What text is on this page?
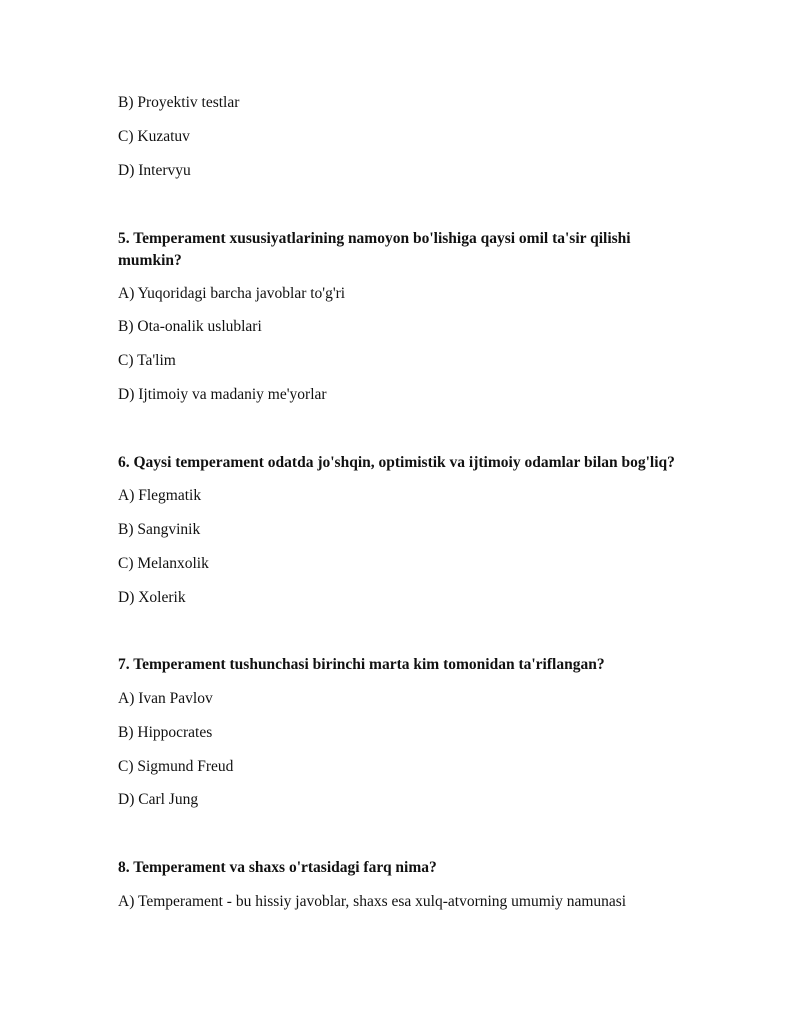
B) Proyektiv testlar
C) Kuzatuv
D) Intervyu
5. Temperament xususiyatlarining namoyon bo'lishiga qaysi omil ta'sir qilishi mumkin?
A) Yuqoridagi barcha javoblar to'g'ri
B) Ota-onalik uslublari
C) Ta'lim
D) Ijtimoiy va madaniy me'yorlar
6. Qaysi temperament odatda jo'shqin, optimistik va ijtimoiy odamlar bilan bog'liq?
A) Flegmatik
B) Sangvinik
C) Melanxolik
D) Xolerik
7. Temperament tushunchasi birinchi marta kim tomonidan ta'riflangan?
A) Ivan Pavlov
B) Hippocrates
C) Sigmund Freud
D) Carl Jung
8. Temperament va shaxs o'rtasidagi farq nima?
A) Temperament - bu hissiy javoblar, shaxs esa xulq-atvorning umumiy namunasi
